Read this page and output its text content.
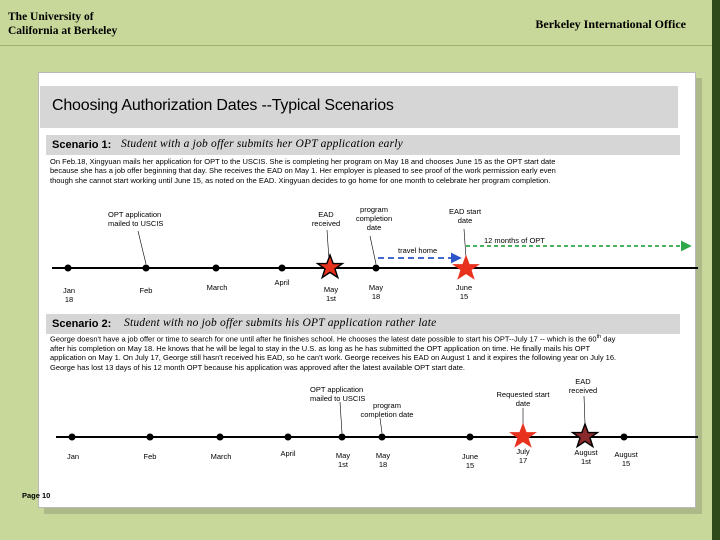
The University of
California at Berkeley	Berkeley International Office
Choosing Authorization Dates --Typical Scenarios
Scenario 1: Student with a job offer submits her OPT application early
On Feb.18, Xingyuan mails her application for OPT to the USCIS. She is completing her program on May 18 and chooses June 15 as the OPT start date
because she has a job offer beginning that day. She receives the EAD on May 1. Her employer is pleased to see proof of the work permission early even
though she cannot start working until June 15, as noted on the EAD. Xingyuan decides to go home for one month to celebrate her program completion.
OPT application
mailed to USCIS
EAD
received
program
completion
date
EAD start
date
12 months of OPT
travel home
Jan
18
Feb	March
April
May
1st
May
18
June
15
Scenario 2: Student with no job offer submits his OPT application rather late
George doesn't have a job offer or time to search for one until after he finishes school. He chooses the latest date possible to start his OPT--July 17 -- which is the 60th day
after his completion on May 18. He knows that he will be legal to stay in the U.S. as long as he has submitted the OPT application on time. He finally mails his OPT
application on May 1. On July 17, George still hasn't received his EAD, so he can't work. George receives his EAD on August 1 and it expires the following year on July 16.
George has lost 13 days of his 12 month OPT because his application was approved after the latest available OPT start date.
OPT application
mailed to USCIS
program
completion date
Requested start
date
EAD
received
Jan	Feb	March	April	May
1st
May
18
June
15
July
17
August
1st
August
15
Page 10
